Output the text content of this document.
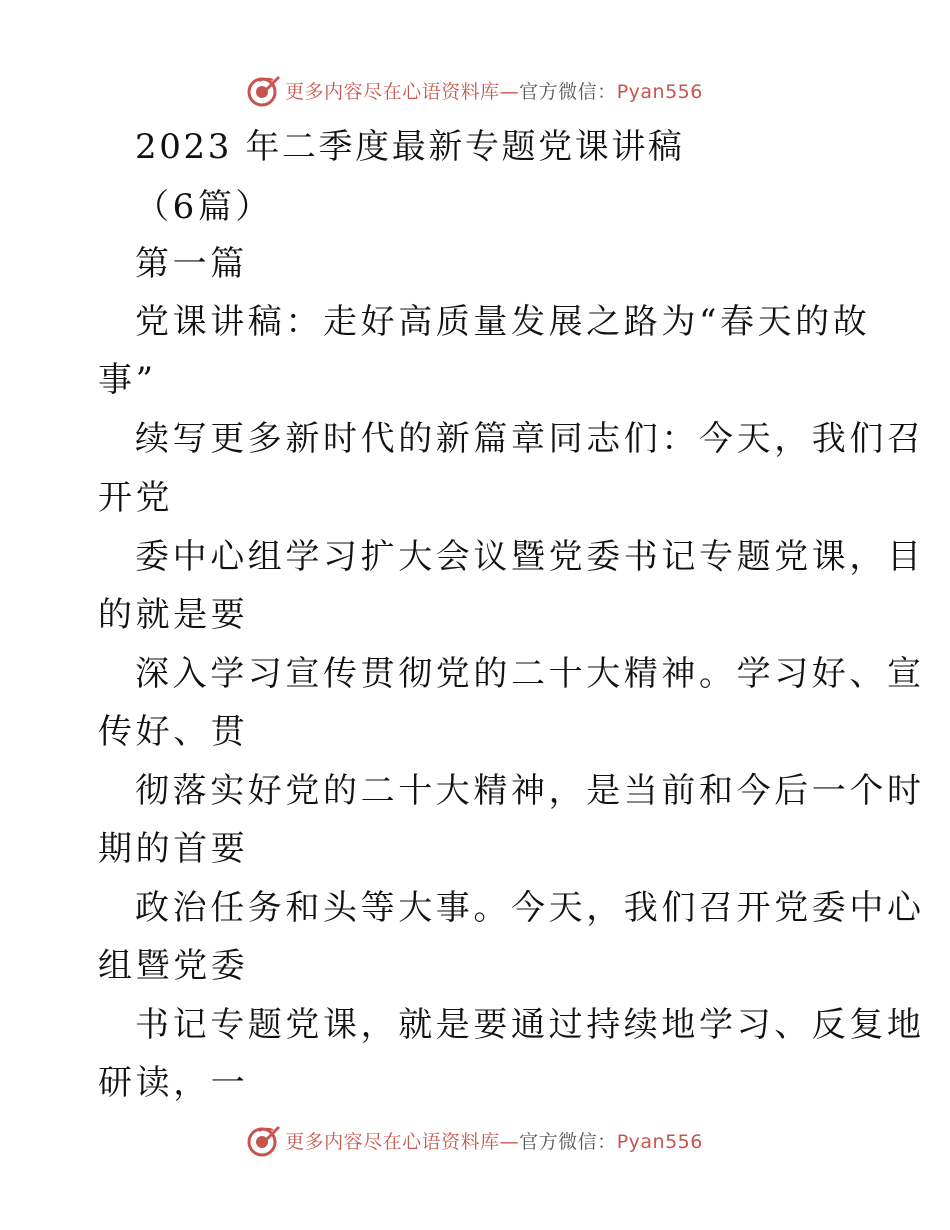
更多内容尽在心语资料库—官方微信：Pyan556
2023 年二季度最新专题党课讲稿
（6篇）
第一篇
党课讲稿：走好高质量发展之路为“春天的故
事”
续写更多新时代的新篇章同志们：今天，我们召
开党
委中心组学习扩大会议暨党委书记专题党课，目
的就是要
深入学习宣传贯彻党的二十大精神。学习好、宣
传好、贯
彻落实好党的二十大精神，是当前和今后一个时
期的首要
政治任务和头等大事。今天，我们召开党委中心
组暨党委
书记专题党课，就是要通过持续地学习、反复地
研读，一
更多内容尽在心语资料库—官方微信：Pyan556
